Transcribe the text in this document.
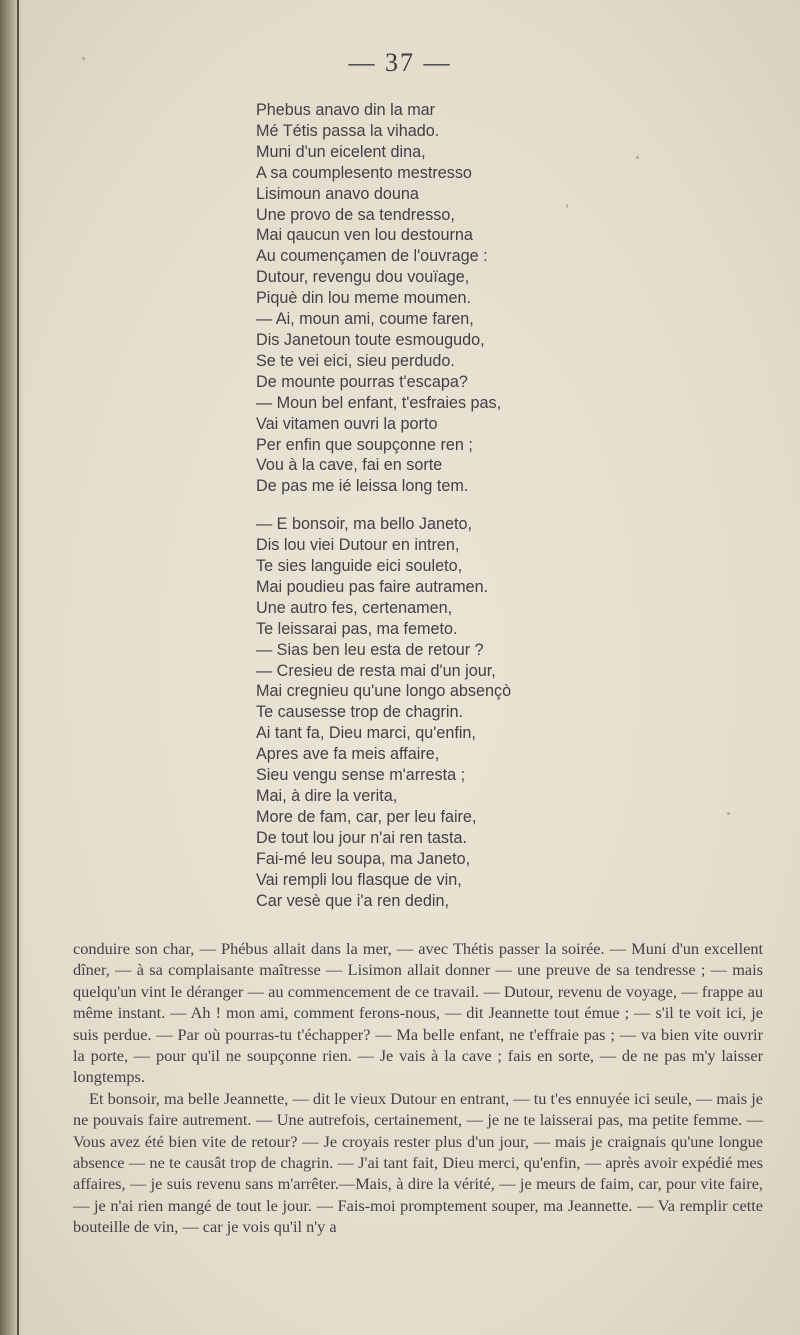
— 37 —
Phebus anavo din la mar
Mé Tétis passa la vihado.
Muni d'un eicelent dina,
A sa coumplesento mestresso
Lisimoun anavo douna
Une provo de sa tendresso,
Mai qaucun ven lou destourna
Au coumençamen de l'ouvrage :
Dutour, revengu dou vouïage,
Piquè din lou meme moumen.
— Ai, moun ami, coume faren,
Dis Janetoun toute esmougudo,
Se te vei eici, sieu perdudo.
De mounte pourras t'escapa?
— Moun bel enfant, t'esfraies pas,
Vai vitamen ouvri la porto
Per enfin que soupçonne ren ;
Vou à la cave, fai en sorte
De pas me ié leissa long tem.
— E bonsoir, ma bello Janeto,
Dis lou viei Dutour en intren,
Te sies languide eici souleto,
Mai poudieu pas faire autramen.
Une autro fes, certenamen,
Te leissarai pas, ma femeto.
— Sias ben leu esta de retour ?
— Cresieu de resta mai d'un jour,
Mai cregnieu qu'une longo absençò
Te causesse trop de chagrin.
Ai tant fa, Dieu marci, qu'enfin,
Apres ave fa meis affaire,
Sieu vengu sense m'arresta ;
Mai, à dire la verita,
More de fam, car, per leu faire,
De tout lou jour n'ai ren tasta.
Fai-mé leu soupa, ma Janeto,
Vai rempli lou flasque de vin,
Car vesè que i'a ren dedin,

conduire son char, — Phébus allait dans la mer, — avec Thétis passer la soirée. — Muni d'un excellent dîner, — à sa complaisante maîtresse — Lisimon allait donner — une preuve de sa tendresse ; — mais quelqu'un vint le déranger — au commencement de ce travail. — Dutour, revenu de voyage, — frappe au même instant. — Ah ! mon ami, comment ferons-nous, — dit Jeannette tout émue ; — s'il te voit ici, je suis perdue. — Par où pourras-tu t'échapper? — Ma belle enfant, ne t'effraie pas ; — va bien vite ouvrir la porte, — pour qu'il ne soupçonne rien. — Je vais à la cave ; fais en sorte, — de ne pas m'y laisser longtemps.

Et bonsoir, ma belle Jeannette, — dit le vieux Dutour en entrant, — tu t'es ennuyée ici seule, — mais je ne pouvais faire autrement. — Une autrefois, certainement, — je ne te laisserai pas, ma petite femme. — Vous avez été bien vite de retour? — Je croyais rester plus d'un jour, — mais je craignais qu'une longue absence — ne te causât trop de chagrin. — J'ai tant fait, Dieu merci, qu'enfin, — après avoir expédié mes affaires, — je suis revenu sans m'arrêter.—Mais, à dire la vérité, — je meurs de faim, car, pour vite faire, — je n'ai rien mangé de tout le jour. — Fais-moi promptement souper, ma Jeannette. — Va remplir cette bouteille de vin, — car je vois qu'il n'y a
